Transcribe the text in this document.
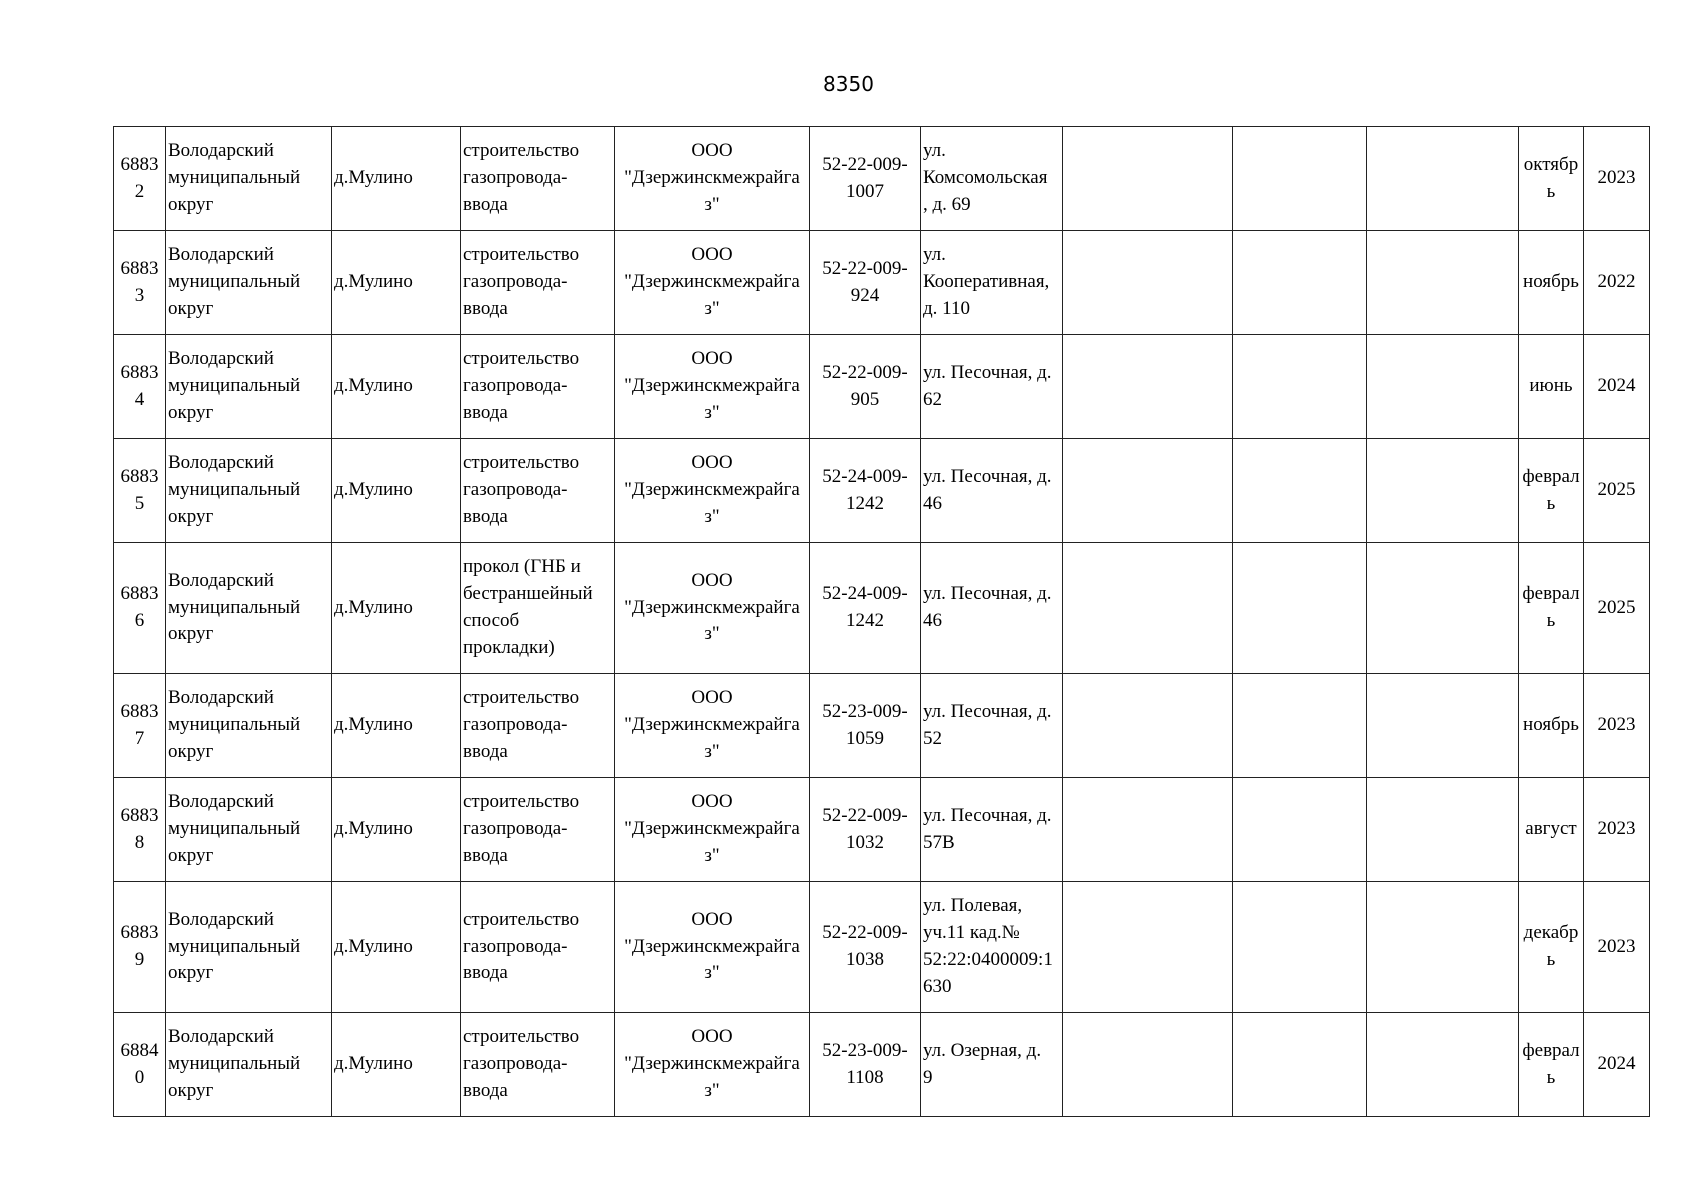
8350
6883
2	Володарский
муниципальный
округ	д.Мулино	строительство
газопровода-
ввода	ООО
"Дзержинскмежрайга
з"	52-22-009-
1007	ул.
Комсомольская
, д. 69				октябр
ь	2023
6883
3	Володарский
муниципальный
округ	д.Мулино	строительство
газопровода-
ввода	ООО
"Дзержинскмежрайга
з"	52-22-009-
924	ул.
Кооперативная,
д. 110				ноябрь	2022
6883
4	Володарский
муниципальный
округ	д.Мулино	строительство
газопровода-
ввода	ООО
"Дзержинскмежрайга
з"	52-22-009-
905	ул. Песочная, д.
62				июнь	2024
6883
5	Володарский
муниципальный
округ	д.Мулино	строительство
газопровода-
ввода	ООО
"Дзержинскмежрайга
з"	52-24-009-
1242	ул. Песочная, д.
46				феврал
ь	2025
6883
6	Володарский
муниципальный
округ	д.Мулино	прокол (ГНБ и
бестраншейный
способ
прокладки)	ООО
"Дзержинскмежрайга
з"	52-24-009-
1242	ул. Песочная, д.
46				феврал
ь	2025
6883
7	Володарский
муниципальный
округ	д.Мулино	строительство
газопровода-
ввода	ООО
"Дзержинскмежрайга
з"	52-23-009-
1059	ул. Песочная, д.
52				ноябрь	2023
6883
8	Володарский
муниципальный
округ	д.Мулино	строительство
газопровода-
ввода	ООО
"Дзержинскмежрайга
з"	52-22-009-
1032	ул. Песочная, д.
57В				август	2023
6883
9	Володарский
муниципальный
округ	д.Мулино	строительство
газопровода-
ввода	ООО
"Дзержинскмежрайга
з"	52-22-009-
1038	ул. Полевая,
уч.11 кад.№
52:22:0400009:1
630				декабр
ь	2023
6884
0	Володарский
муниципальный
округ	д.Мулино	строительство
газопровода-
ввода	ООО
"Дзержинскмежрайга
з"	52-23-009-
1108	ул. Озерная, д.
9				феврал
ь	2024
